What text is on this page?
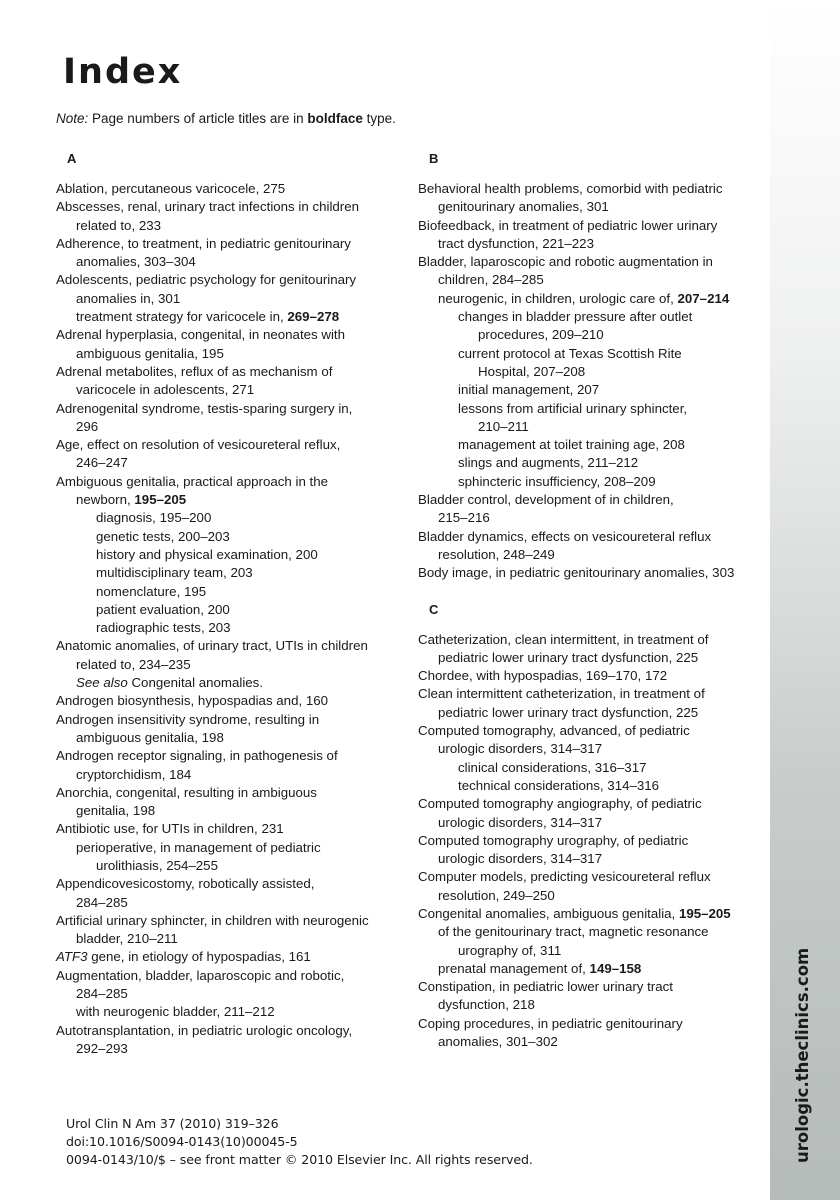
urologic.theclinics.com
Index
Note: Page numbers of article titles are in boldface type.
A
Ablation, percutaneous varicocele, 275
Abscesses, renal, urinary tract infections in children
related to, 233
Adherence, to treatment, in pediatric genitourinary
anomalies, 303–304
Adolescents, pediatric psychology for genitourinary
anomalies in, 301
treatment strategy for varicocele in, 269–278
Adrenal hyperplasia, congenital, in neonates with
ambiguous genitalia, 195
Adrenal metabolites, reflux of as mechanism of
varicocele in adolescents, 271
Adrenogenital syndrome, testis-sparing surgery in,
296
Age, effect on resolution of vesicoureteral reflux,
246–247
Ambiguous genitalia, practical approach in the
newborn, 195–205
diagnosis, 195–200
genetic tests, 200–203
history and physical examination, 200
multidisciplinary team, 203
nomenclature, 195
patient evaluation, 200
radiographic tests, 203
Anatomic anomalies, of urinary tract, UTIs in children
related to, 234–235
See also Congenital anomalies.
Androgen biosynthesis, hypospadias and, 160
Androgen insensitivity syndrome, resulting in
ambiguous genitalia, 198
Androgen receptor signaling, in pathogenesis of
cryptorchidism, 184
Anorchia, congenital, resulting in ambiguous
genitalia, 198
Antibiotic use, for UTIs in children, 231
perioperative, in management of pediatric
urolithiasis, 254–255
Appendicovesicostomy, robotically assisted,
284–285
Artificial urinary sphincter, in children with neurogenic
bladder, 210–211
ATF3 gene, in etiology of hypospadias, 161
Augmentation, bladder, laparoscopic and robotic,
284–285
with neurogenic bladder, 211–212
Autotransplantation, in pediatric urologic oncology,
292–293
B
Behavioral health problems, comorbid with pediatric
genitourinary anomalies, 301
Biofeedback, in treatment of pediatric lower urinary
tract dysfunction, 221–223
Bladder, laparoscopic and robotic augmentation in
children, 284–285
neurogenic, in children, urologic care of, 207–214
changes in bladder pressure after outlet
procedures, 209–210
current protocol at Texas Scottish Rite
Hospital, 207–208
initial management, 207
lessons from artificial urinary sphincter,
210–211
management at toilet training age, 208
slings and augments, 211–212
sphincteric insufficiency, 208–209
Bladder control, development of in children,
215–216
Bladder dynamics, effects on vesicoureteral reflux
resolution, 248–249
Body image, in pediatric genitourinary anomalies, 303
C
Catheterization, clean intermittent, in treatment of
pediatric lower urinary tract dysfunction, 225
Chordee, with hypospadias, 169–170, 172
Clean intermittent catheterization, in treatment of
pediatric lower urinary tract dysfunction, 225
Computed tomography, advanced, of pediatric
urologic disorders, 314–317
clinical considerations, 316–317
technical considerations, 314–316
Computed tomography angiography, of pediatric
urologic disorders, 314–317
Computed tomography urography, of pediatric
urologic disorders, 314–317
Computer models, predicting vesicoureteral reflux
resolution, 249–250
Congenital anomalies, ambiguous genitalia, 195–205
of the genitourinary tract, magnetic resonance
urography of, 311
prenatal management of, 149–158
Constipation, in pediatric lower urinary tract
dysfunction, 218
Coping procedures, in pediatric genitourinary
anomalies, 301–302
Urol Clin N Am 37 (2010) 319–326
doi:10.1016/S0094-0143(10)00045-5
0094-0143/10/$ – see front matter © 2010 Elsevier Inc. All rights reserved.
